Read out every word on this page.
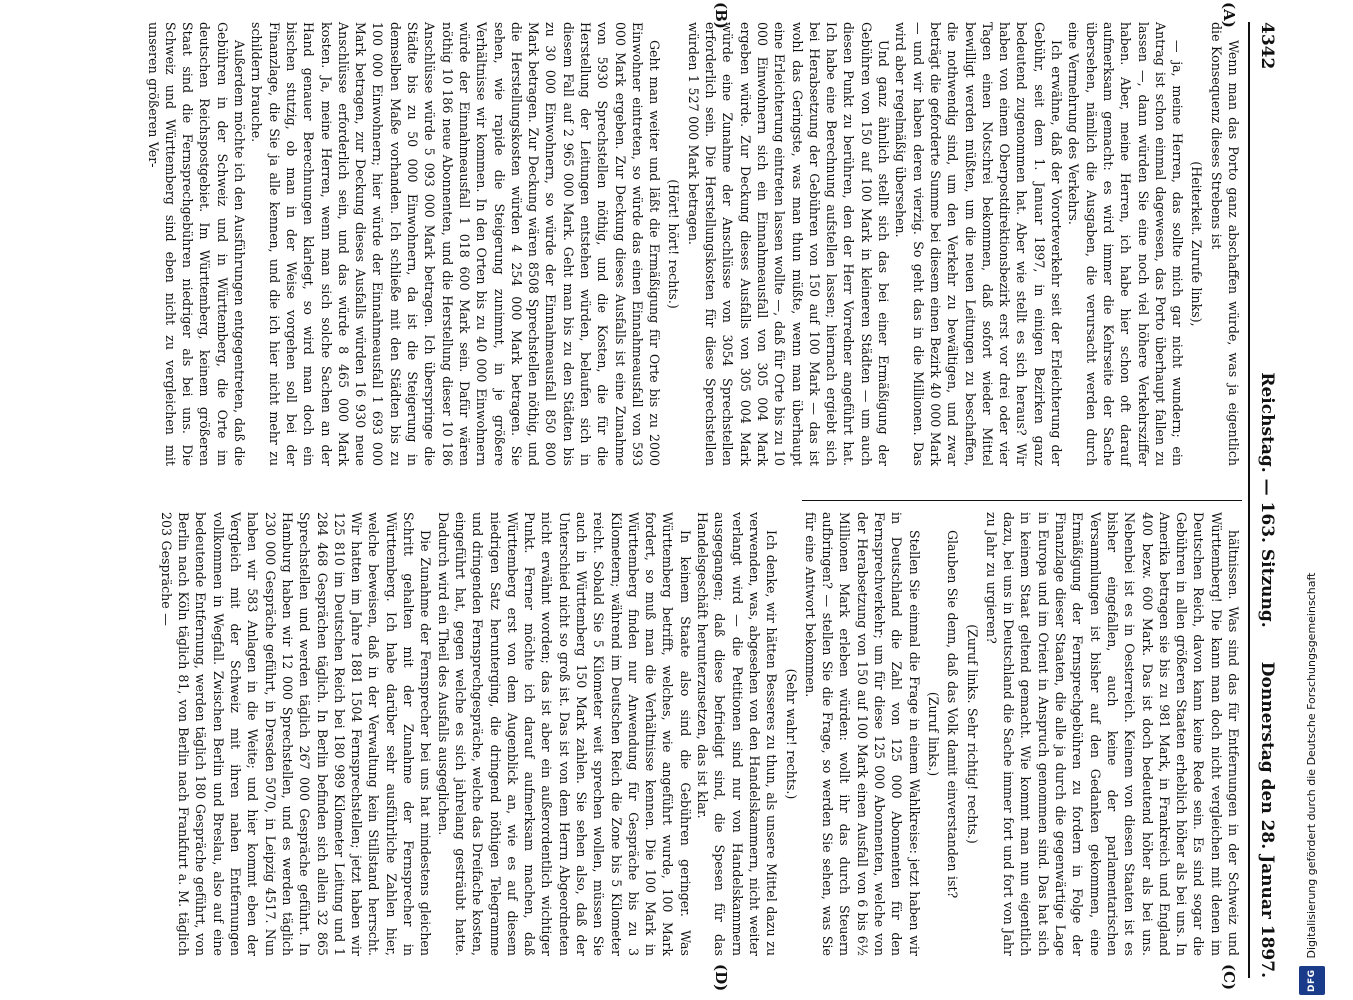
4342
Reichstag. — 163. Sitzung.
Donnerstag den 28. Januar 1897.
(A)
(B)
(C)
(D)

Wenn man das Porto ganz abschaffen würde, was ja eigentlich die Konsequenz dieses Strebens ist

(Heiterkeit. Zurufe links),

— ja, meine Herren, das sollte mich gar nicht wundern; ein Antrag ist schon einmal dagewesen, das Porto überhaupt fallen zu lassen —, dann würden Sie eine noch viel höhere Verkehrsziffer haben. Aber, meine Herren, ich habe hier schon oft darauf aufmerksam gemacht: es wird immer die Kehrseite der Sache übersehen, nämlich die Ausgaben, die verursacht werden durch eine Vermehrung des Verkehrs.

Ich erwähne, daß der Vororteverkehr seit der Erleichterung der Gebühr, seit dem 1. Januar 1897, in einigen Bezirken ganz bedeutend zugenommen hat. Aber wie stellt es sich heraus? Wir haben von einem Oberpostdirektionsbezirk erst vor drei oder vier Tagen einen Notschrei bekommen, daß sofort wieder Mittel bewilligt werden müßten, um die neuen Leitungen zu beschaffen, die nothwendig sind, um den Verkehr zu bewältigen, und zwar beträgt die geforderte Summe bei diesem einen Bezirk 40 000 Mark — und wir haben deren vierzig. So geht das in die Millionen. Das wird aber regelmäßig übersehen.

Und ganz ähnlich stellt sich das bei einer Ermäßigung der Gebühren von 150 auf 100 Mark in kleineren Städten — um auch diesen Punkt zu berühren, den der Herr Vorredner angeführt hat. Ich habe eine Berechnung aufstellen lassen; hiernach ergiebt sich bei Herabsetzung der Gebühren von 150 auf 100 Mark — das ist wohl das Geringste, was man thun müßte, wenn man überhaupt eine Erleichterung eintreten lassen wollte —, daß für Orte bis zu 10 000 Einwohnern sich ein Einnahmeausfall von 305 004 Mark ergeben würde. Zur Deckung dieses Ausfalls von 305 004 Mark würde eine Zunahme der Anschlüsse von 3054 Sprechstellen erforderlich sein. Die Herstellungskosten für diese Sprechstellen würden 1 527 000 Mark betragen.

(Hört! hört! rechts.)

Geht man weiter und läßt die Ermäßigung für Orte bis zu 2000 Einwohner eintreten, so würde das einen Einnahmeausfall von 593 000 Mark ergeben. Zur Deckung dieses Ausfalls ist eine Zunahme von 5930 Sprechstellen nöthig, und die Kosten, die für die Herstellung der Leitungen entstehen würden, belaufen sich in diesem Fall auf 2 965 000 Mark. Geht man bis zu den Städten bis zu 30 000 Einwohnern, so würde der Einnahmeausfall 850 800 Mark betragen. Zur Deckung wären 8508 Sprechstellen nöthig, und die Herstellungskosten würden 4 254 000 Mark betragen. Sie sehen, wie rapide die Steigerung zunimmt, in je größere Verhältnisse wir kommen. In den Orten bis zu 40 000 Einwohnern würde der Einnahmeausfall 1 018 600 Mark sein. Dafür wären nöthig 10 186 neue Abonnenten, und die Herstellung dieser 10 186 Anschlüsse würde 5 093 000 Mark betragen. Ich überspringe die Städte bis zu 50 000 Einwohnern, da ist die Steigerung in demselben Maße vorhanden. Ich schließe mit den Städten bis zu 100 000 Einwohnern; hier würde der Einnahmeausfall 1 693 000 Mark betragen, zur Deckung dieses Ausfalls würden 16 930 neue Anschlüsse erforderlich sein, und das würde 8 465 000 Mark kosten. Ja, meine Herren, wenn man sich solche Sachen an der Hand genauer Berechnungen klarlegt, so wird man doch ein bischen stutzig, ob man in der Weise vorgehen soll bei der Finanzlage, die Sie ja alle kennen, und die ich hier nicht mehr zu schildern brauche.

Außerdem möchte ich den Ausführungen entgegentreten, daß die Gebühren in der Schweiz und in Württemberg, die Orte im deutschen Reichspostgebiet. Im Württemberg, keinem größeren Staat sind die Fernsprechgebühren niedriger als bei uns. Die Schweiz und Württemberg sind eben nicht zu vergleichen mit unseren größeren Ver-

hältnissen. Was sind das für Entfernungen in der Schweiz und Württemberg! Die kann man doch nicht vergleichen mit denen im Deutschen Reich, davon kann keine Rede sein. Es sind sogar die Gebühren in allen größeren Staaten erheblich höher als bei uns. In Amerika betragen sie bis zu 981 Mark, in Frankreich und England 400 bezw. 600 Mark. Das ist doch bedeutend höher als bei uns. Nebenbei ist es in Oesterreich. Keinem von diesen Staaten ist es bisher eingefallen, auch keine der parlamentarischen Versammlungen ist bisher auf den Gedanken gekommen, eine Ermäßigung der Fernsprechgebühren zu fordern in Folge der Finanzlage dieser Staaten, die alle ja durch die gegenwärtige Lage in Europa und im Orient in Anspruch genommen sind. Das hat sich in keinem Staat geltend gemacht. Wie kommt man nun eigentlich dazu, bei uns in Deutschland die Sache immer fort und fort von Jahr zu Jahr zu urgieren?

(Zuruf links. Sehr richtig! rechts.)

Glauben Sie denn, daß das Volk damit einverstanden ist?

(Zuruf links.)

Stellen Sie einmal die Frage in einem Wahlkreise: jetzt haben wir in Deutschland die Zahl von 125 000 Abonnenten für den Fernsprechverkehr; um für diese 125 000 Abonnenten, welche von der Herabsetzung von 150 auf 100 Mark einen Ausfall von 6 bis 6½ Millionen Mark erleben würden: wollt ihr das durch Steuern aufbringen? — stellen Sie die Frage, so werden Sie sehen, was Sie für eine Antwort bekommen.

(Sehr wahr! rechts.)

Ich denke, wir hätten Besseres zu thun, als unsere Mittel dazu zu verwenden, was, abgesehen von den Handelskammern, nicht weiter verlangt wird — die Petitionen sind nur von Handelskammern ausgegangen; daß diese befriedigt sind, die Spesen für das Handelsgeschäft herunterzusetzen, das ist klar.

In keinem Staate also sind die Gebühren geringer. Was Württemberg betrifft, welches, wie angeführt wurde, 100 Mark fordert, so muß man die Verhältnisse kennen. Die 100 Mark in Württemberg finden nur Anwendung für Gespräche bis zu 3 Kilometern; während im Deutschen Reich die Zone bis 5 Kilometer reicht. Sobald Sie 5 Kilometer weit sprechen wollen, müssen Sie auch in Württemberg 150 Mark zahlen. Sie sehen also, daß der Unterschied nicht so groß ist. Das ist von dem Herrn Abgeordneten nicht erwähnt worden; das ist aber ein außerordentlich wichtiger Punkt. Ferner möchte ich darauf aufmerksam machen, daß Württemberg erst von dem Augenblick an, wie es auf diesem niedrigen Satz herunterging, die dringend nöthigen Telegramme und dringenden Fernsprechgespräche, welche das Dreifache kosten, eingeführt hat, gegen welche es sich jahrelang gesträubt hatte. Dadurch wird ein Theil des Ausfalls ausgeglichen.

Die Zunahme der Fernsprecher bei uns hat mindestens gleichen Schritt gehalten mit der Zunahme der Fernsprecher in Württemberg. Ich habe darüber sehr ausführliche Zahlen hier, welche beweisen, daß in der Verwaltung kein Stillstand herrscht. Wir hatten im Jahre 1881 1504 Fernsprechstellen; jetzt haben wir 125 810 im Deutschen Reich bei 180 989 Kilometer Leitung und 1 284 468 Gesprächen täglich. In Berlin befinden sich allein 32 865 Sprechstellen und werden täglich 267 000 Gespräche geführt. In Hamburg haben wir 12 000 Sprechstellen, und es werden täglich 230 000 Gespräche geführt, in Dresden 5070, in Leipzig 4517. Nun haben wir 583 Anlagen in die Weite; und hier kommt eben der Vergleich mit der Schweiz mit ihren nahen Entfernungen vollkommen in Wegfall. Zwischen Berlin und Breslau, also auf eine bedeutende Entfernung, werden täglich 180 Gespräche geführt, von Berlin nach Köln täglich 81, von Berlin nach Frankfurt a. M. täglich 203 Gespräche —

DFG
Digitalisierung gefördert durch die Deutsche Forschungsgemeinschaft
